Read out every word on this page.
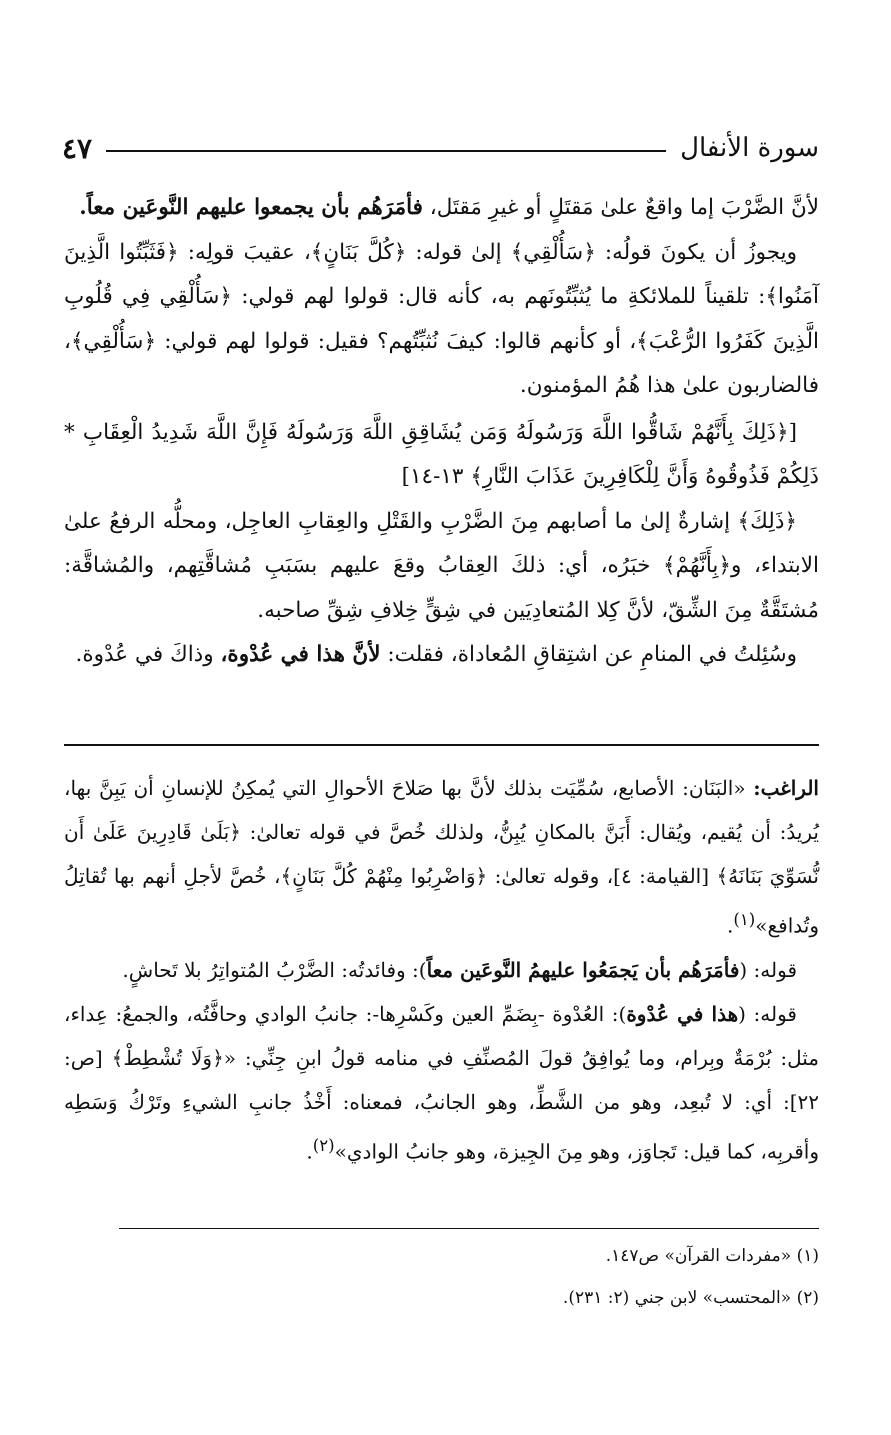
سورة الأنفال
٤٧

لأنَّ الضَّرْبَ إما واقعٌ علىٰ مَقتَلٍ أو غيرِ مَقتَل، فأمَرَهُم بأن يجمعوا عليهم النَّوعَين معاً.

ويجوزُ أن يكونَ قولُه: ﴿سَأُلْقِي﴾ إلىٰ قوله: ﴿كُلَّ بَنَانٍ﴾، عقيبَ قولِه: ﴿فَثَبِّتُوا الَّذِينَ آمَنُوا﴾: تلقيناً للملائكةِ ما يُثبِّتُونَهم به، كأنه قال: قولوا لهم قولي: ﴿سَأُلْقِي فِي قُلُوبِ الَّذِينَ كَفَرُوا الرُّعْبَ﴾، أو كأنهم قالوا: كيفَ نُثبِّتُهم؟ فقيل: قولوا لهم قولي: ﴿سَأُلْقِي﴾، فالضاربون علىٰ هذا هُمُ المؤمنون.

[﴿ذَلِكَ بِأَنَّهُمْ شَاقُّوا اللَّهَ وَرَسُولَهُ وَمَن يُشَاقِقِ اللَّهَ وَرَسُولَهُ فَإِنَّ اللَّهَ شَدِيدُ الْعِقَابِ * ذَلِكُمْ فَذُوقُوهُ وَأَنَّ لِلْكَافِرِينَ عَذَابَ النَّارِ﴾ ١٣-١٤]

﴿ذَلِكَ﴾ إشارةٌ إلىٰ ما أصابهم مِنَ الضَّرْبِ والقَتْلِ والعِقابِ العاجِل، ومحلُّه الرفعُ علىٰ الابتداء، و﴿بِأَنَّهُمْ﴾ خبَرُه، أي: ذلكَ العِقابُ وقعَ عليهم بسَبَبِ مُشاقَّتِهم، والمُشاقَّة: مُشتَقَّةٌ مِنَ الشِّقّ، لأنَّ كِلا المُتعادِيَين في شِقٍّ خِلافِ شِقِّ صاحبه.

وسُئِلتُ في المنامِ عن اشتِقاقِ المُعاداة، فقلت: لأنَّ هذا في عُدْوة، وذاكَ في عُدْوة.

الراغب: «البَنَان: الأصابع، سُمِّيَت بذلك لأنَّ بها صَلاحَ الأحوالِ التي يُمكِنُ للإنسانِ أن يَبِنَّ بها، يُريدُ: أن يُقيم، ويُقال: أَبَنَّ بالمكانِ يُبِنُّ، ولذلك خُصَّ في قوله تعالىٰ: ﴿بَلَىٰ قَادِرِينَ عَلَىٰ أَن نُّسَوِّيَ بَنَانَهُ﴾ [القيامة: ٤]، وقوله تعالىٰ: ﴿وَاضْرِبُوا مِنْهُمْ كُلَّ بَنَانٍ﴾، خُصَّ لأجلِ أنهم بها تُقاتِلُ وتُدافع»$^{(١)}$.

قوله: (فأمَرَهُم بأن يَجمَعُوا عليهمُ النَّوعَين معاً): وفائدتُه: الضَّرْبُ المُتواتِرُ بلا تَحاشٍ.

قوله: (هذا في عُدْوة): العُدْوة -بِضَمِّ العين وكَسْرِها-: جانبُ الوادي وحافَّتُه، والجمعُ: عِداء، مثل: بُرْمَةٌ وبِرام، وما يُوافِقُ قولَ المُصنِّفِ في منامه قولُ ابنِ جِنِّي: «﴿وَلَا تُشْطِطْ﴾ [ص: ٢٢]: أي: لا تُبعِد، وهو من الشَّطِّ، وهو الجانبُ، فمعناه: أَخْذُ جانبِ الشيءِ وتَرْكُ وَسَطِه وأقربِه، كما قيل: تَجاوَز، وهو مِنَ الجِيزة، وهو جانبُ الوادي»$^{(٢)}$.

(١) «مفردات القرآن» ص١٤٧.

(٢) «المحتسب» لابن جني (٢: ٢٣١).
